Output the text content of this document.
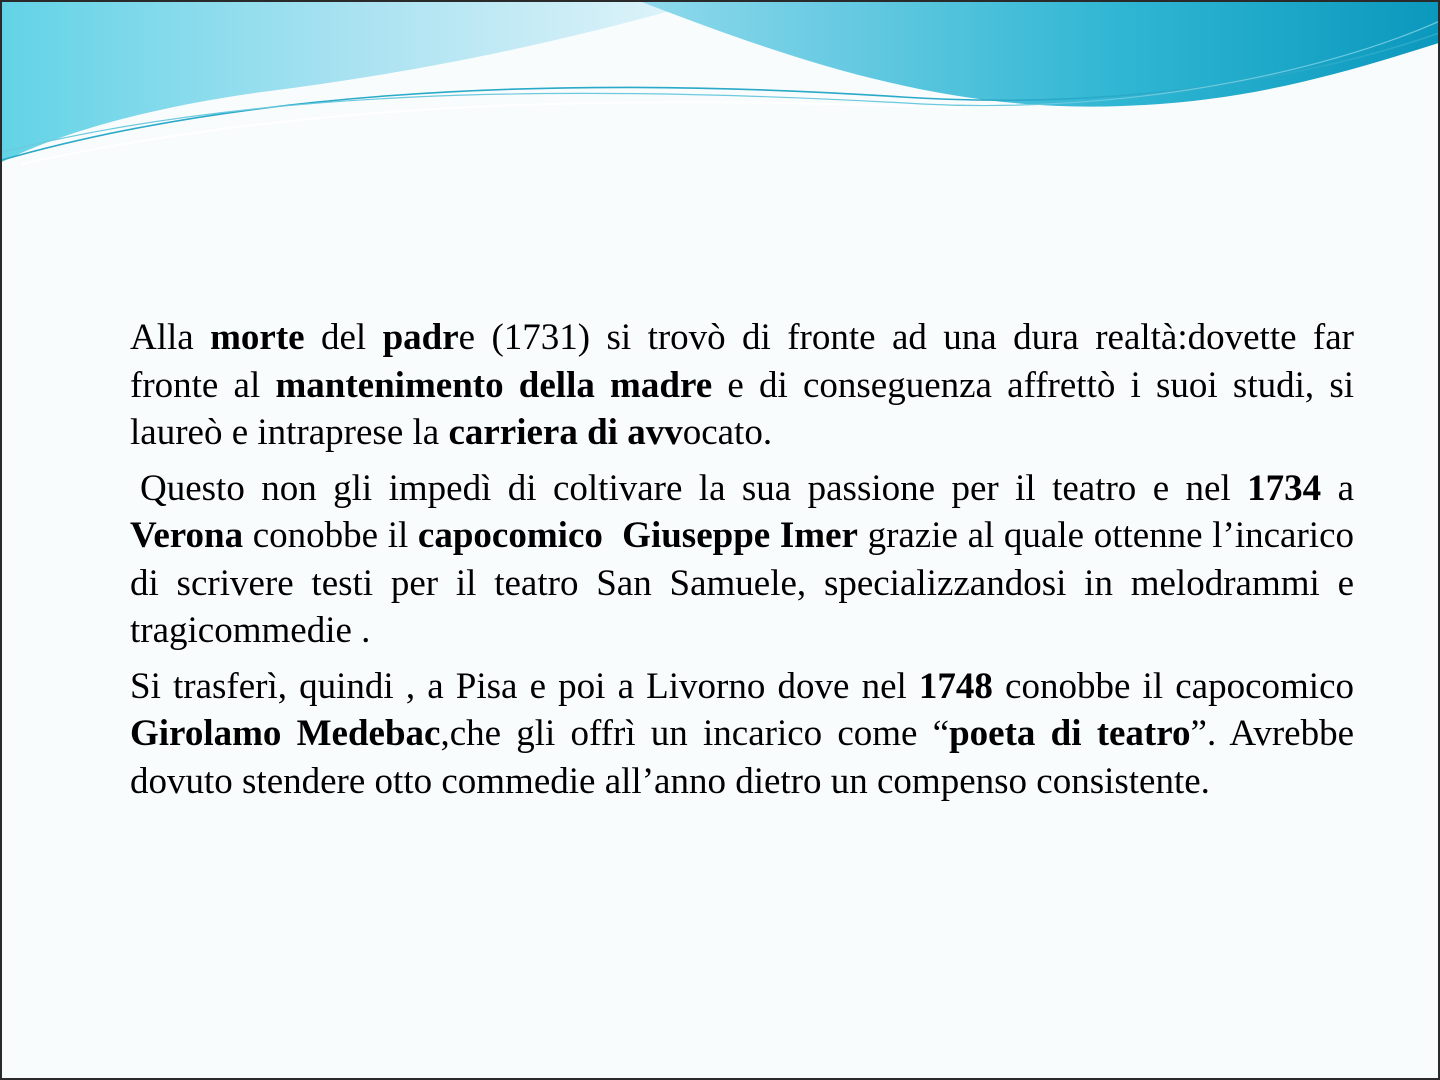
Alla morte del padre (1731) si trovò di fronte ad una dura realtà:dovette far fronte al mantenimento della madre e di conseguenza affrettò i suoi studi, si laureò e intraprese la carriera di avvocato.

Questo non gli impedì di coltivare la sua passione per il teatro e nel 1734 a Verona conobbe il capocomico  Giuseppe Imer grazie al quale ottenne l’incarico di scrivere testi per il teatro San Samuele, specializzandosi in melodrammi e tragicommedie .

Si trasferì, quindi , a Pisa e poi a Livorno dove nel 1748 conobbe il capocomico Girolamo Medebac,che gli offrì un incarico come “poeta di teatro”. Avrebbe dovuto stendere otto commedie all’anno dietro un compenso consistente.
